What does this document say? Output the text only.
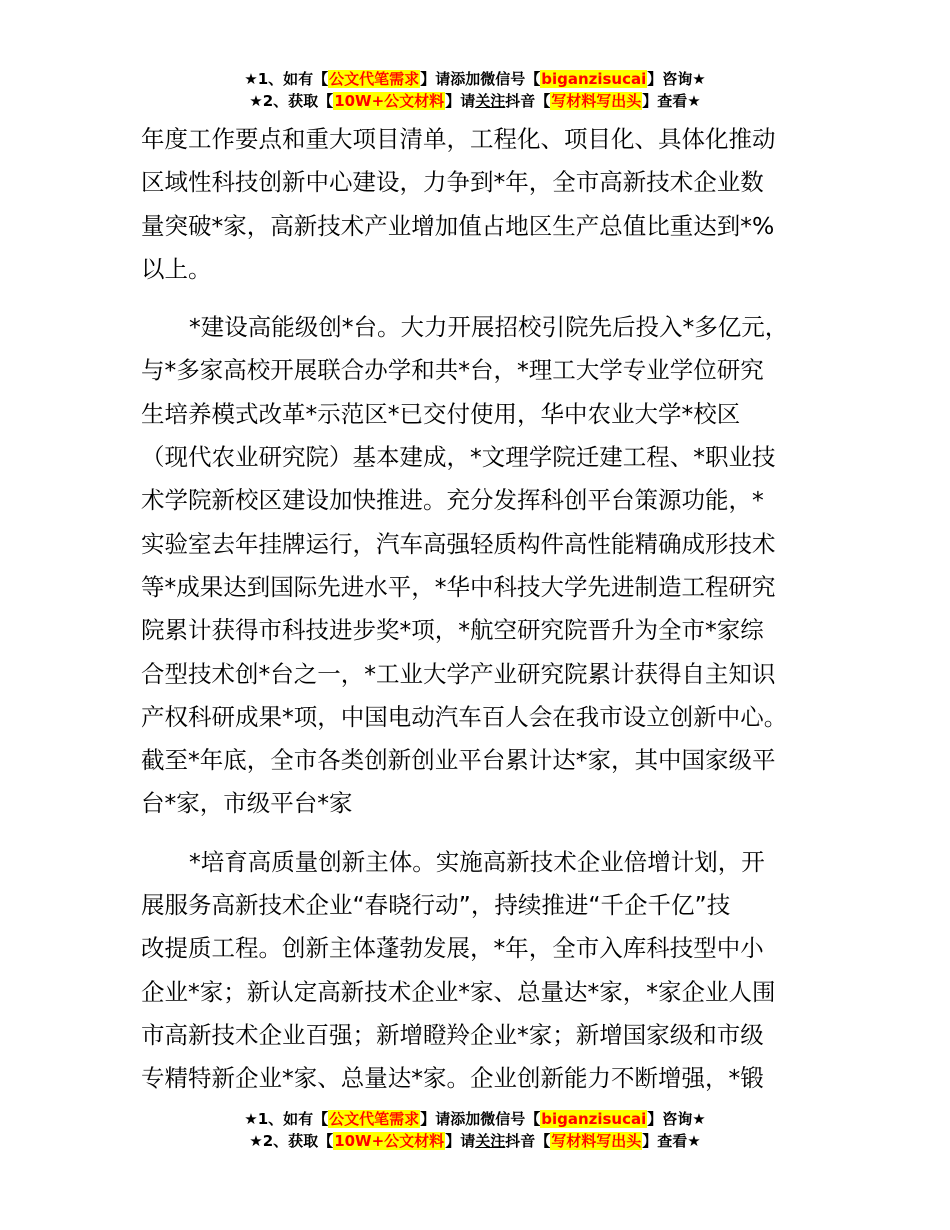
★1、如有【公文代笔需求】请添加微信号【biganzisucai】咨询★
★2、获取【10W+公文材料】请关注抖音【写材料写出头】查看★

年度工作要点和重大项目清单，工程化、项目化、具体化推动

区域性科技创新中心建设，力争到*年，全市高新技术企业数

量突破*家，高新技术产业增加值占地区生产总值比重达到*%

以上。

*建设高能级创*台。大力开展招校引院先后投入*多亿元，

与*多家高校开展联合办学和共*台，*理工大学专业学位研究

生培养模式改革*示范区*已交付使用，华中农业大学*校区

（现代农业研究院）基本建成，*文理学院迁建工程、*职业技

术学院新校区建设加快推进。充分发挥科创平台策源功能，*

实验室去年挂牌运行，汽车高强轻质构件高性能精确成形技术

等*成果达到国际先进水平，*华中科技大学先进制造工程研究

院累计获得市科技进步奖*项，*航空研究院晋升为全市*家综

合型技术创*台之一，*工业大学产业研究院累计获得自主知识

产权科研成果*项，中国电动汽车百人会在我市设立创新中心。

截至*年底，全市各类创新创业平台累计达*家，其中国家级平

台*家，市级平台*家

*培育高质量创新主体。实施高新技术企业倍增计划，开

展服务高新技术企业“春晓行动”，持续推进“千企千亿”技

改提质工程。创新主体蓬勃发展，*年，全市入库科技型中小

企业*家；新认定高新技术企业*家、总量达*家，*家企业人围

市高新技术企业百强；新增瞪羚企业*家；新增国家级和市级

专精特新企业*家、总量达*家。企业创新能力不断增强，*锻

★1、如有【公文代笔需求】请添加微信号【biganzisucai】咨询★
★2、获取【10W+公文材料】请关注抖音【写材料写出头】查看★
